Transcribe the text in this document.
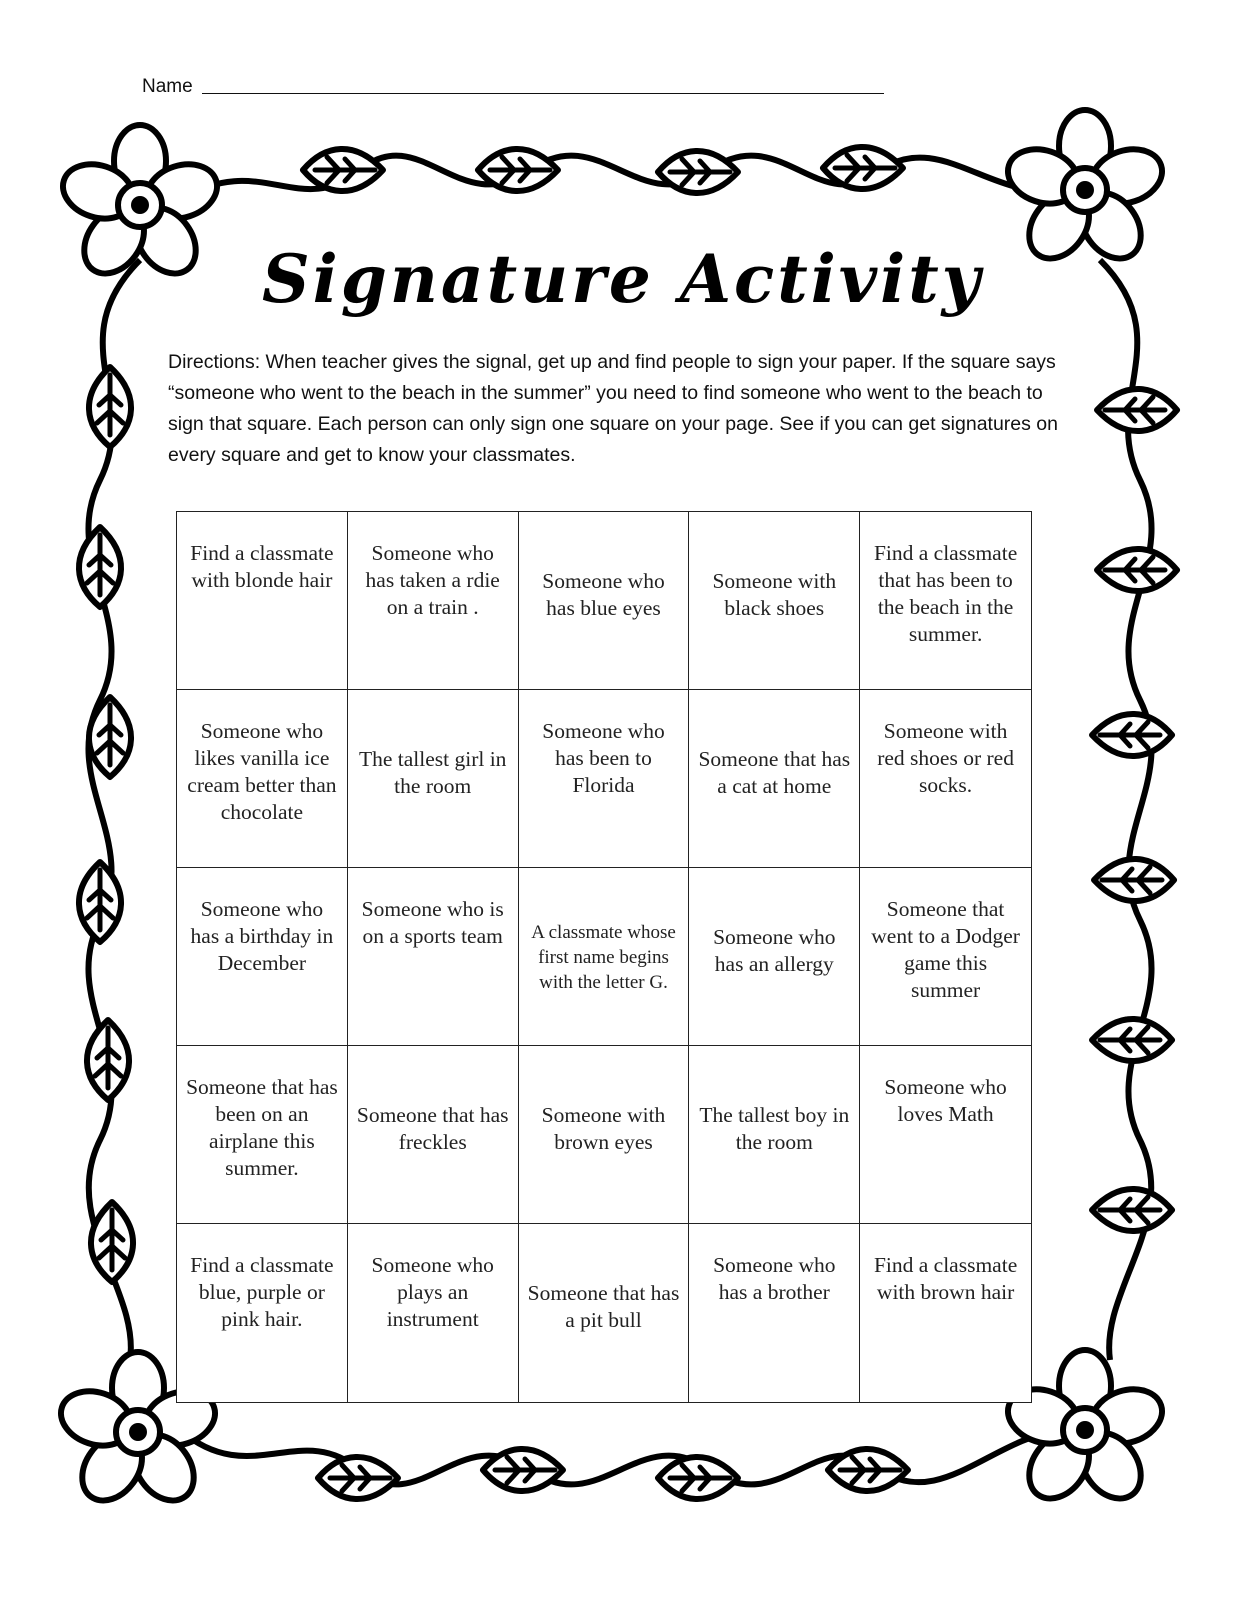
Name
Signature Activity
Directions: When teacher gives the signal, get up and find people to sign your paper. If the square says “someone who went to the beach in the summer” you need to find someone who went to the beach to sign that square. Each person can only sign one square on your page. See if you can get signatures on every square and get to know your classmates.
Find a classmate with blonde hair
Someone who has taken a rdie on a train .
Someone who has blue eyes
Someone with black shoes
Find a classmate that has been to the beach in the summer.
Someone who likes vanilla ice cream better than chocolate
The tallest girl in the room
Someone who has been to Florida
Someone that has a cat at home
Someone with red shoes or red socks.
Someone who has a birthday in December
Someone who is on a sports team	A classmate whose first name begins with the letter G.
Someone who has an allergy
Someone that went to a Dodger game this summer
Someone that has been on an airplane this summer.
Someone that has freckles
Someone with brown eyes
The tallest boy in the room
Someone who loves Math
Find a classmate blue, purple or pink hair.
Someone who plays an instrument
Someone that has a pit bull
Someone who has a brother
Find a classmate with brown hair
